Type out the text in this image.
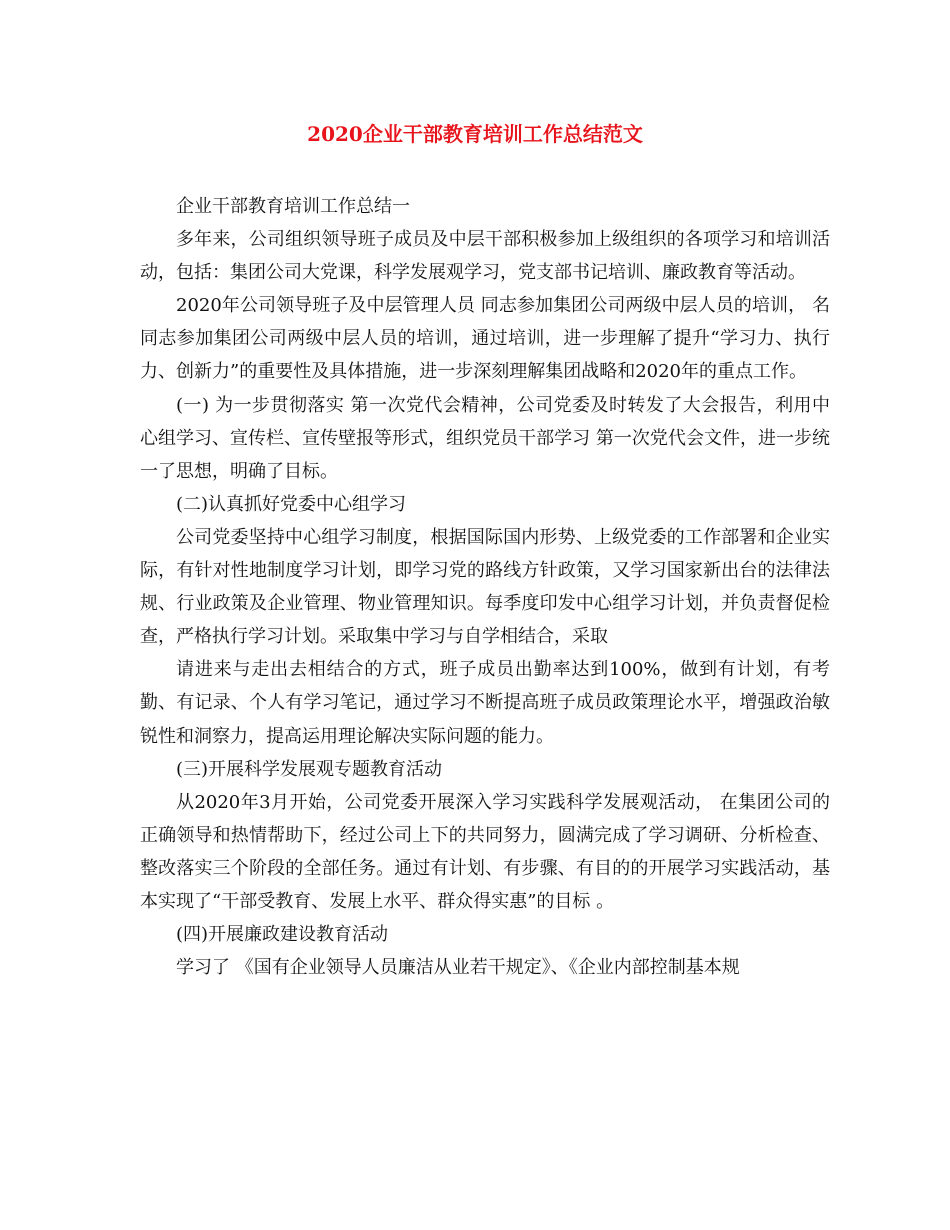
2020企业干部教育培训工作总结范文

企业干部教育培训工作总结一

多年来，公司组织领导班子成员及中层干部积极参加上级组织的各项学习和培训活动，包括：集团公司大党课，科学发展观学习，党支部书记培训、廉政教育等活动。

2020年公司领导班子及中层管理人员 同志参加集团公司两级中层人员的培训， 名同志参加集团公司两级中层人员的培训，通过培训，进一步理解了提升“学习力、执行力、创新力”的重要性及具体措施，进一步深刻理解集团战略和2020年的重点工作。

(一) 为一步贯彻落实 第一次党代会精神，公司党委及时转发了大会报告，利用中心组学习、宣传栏、宣传壁报等形式，组织党员干部学习 第一次党代会文件，进一步统一了思想，明确了目标。

(二)认真抓好党委中心组学习

公司党委坚持中心组学习制度，根据国际国内形势、上级党委的工作部署和企业实际，有针对性地制度学习计划，即学习党的路线方针政策，又学习国家新出台的法律法规、行业政策及企业管理、物业管理知识。每季度印发中心组学习计划，并负责督促检查，严格执行学习计划。采取集中学习与自学相结合，采取

请进来与走出去相结合的方式，班子成员出勤率达到100%，做到有计划，有考勤、有记录、个人有学习笔记，通过学习不断提高班子成员政策理论水平，增强政治敏锐性和洞察力，提高运用理论解决实际问题的能力。

(三)开展科学发展观专题教育活动

从2020年3月开始，公司党委开展深入学习实践科学发展观活动， 在集团公司的正确领导和热情帮助下，经过公司上下的共同努力，圆满完成了学习调研、分析检查、整改落实三个阶段的全部任务。通过有计划、有步骤、有目的的开展学习实践活动，基本实现了“干部受教育、发展上水平、群众得实惠”的目标 。

(四)开展廉政建设教育活动

学习了 《国有企业领导人员廉洁从业若干规定》、《企业内部控制基本规
